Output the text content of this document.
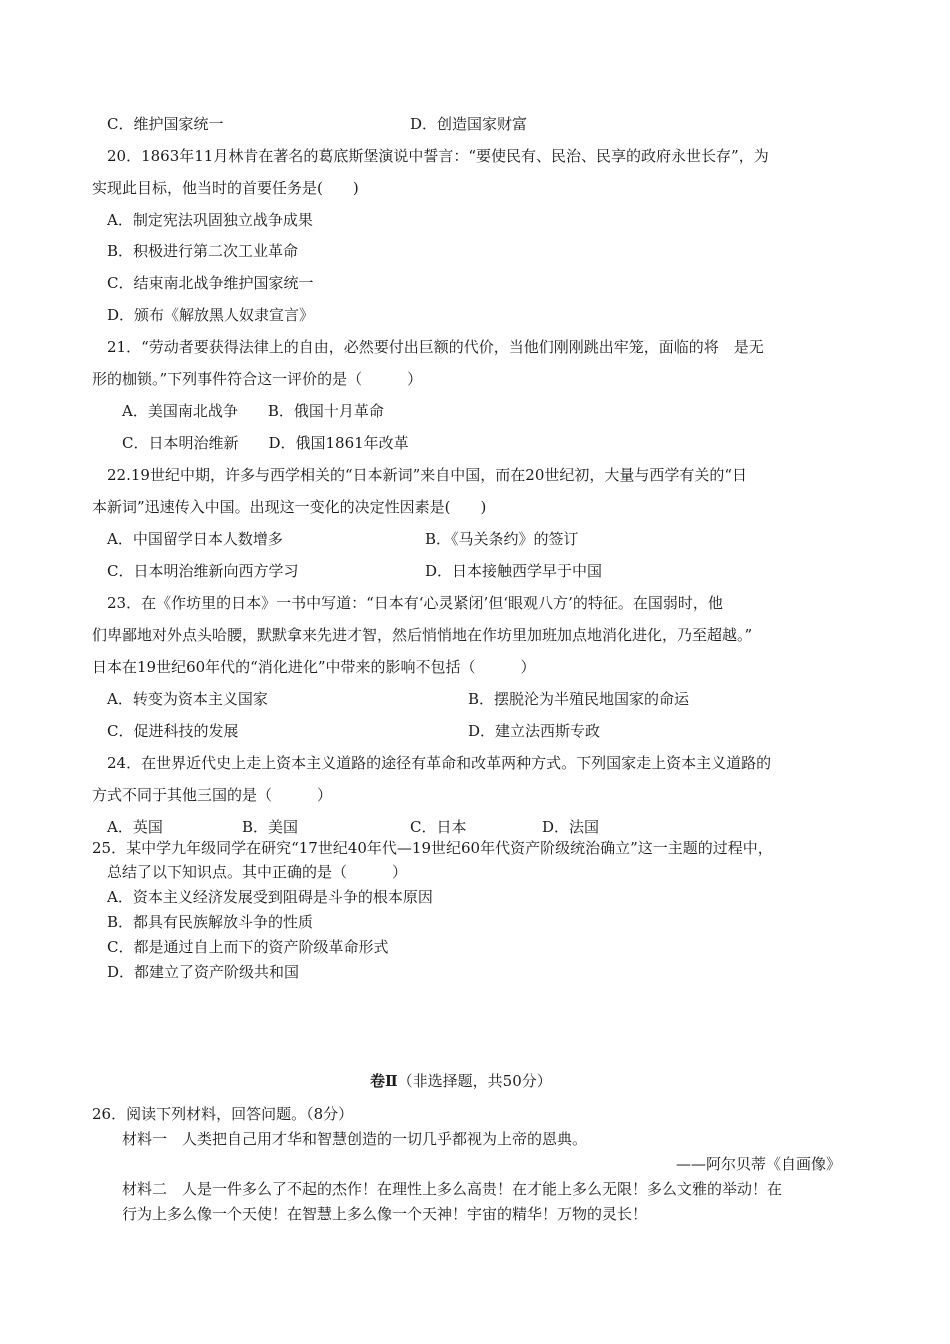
C．维护国家统一	D．创造国家财富
20．1863年11月林肯在著名的葛底斯堡演说中誓言：“要使民有、民治、民享的政府永世长存”，为
实现此目标，他当时的首要任务是(　　)
A．制定宪法巩固独立战争成果
B．积极进行第二次工业革命
C．结束南北战争维护国家统一
D．颁布《解放黑人奴隶宣言》
21．“劳动者要获得法律上的自由，必然要付出巨额的代价，当他们刚刚跳出牢笼，面临的将　是无
形的枷锁。”下列事件符合这一评价的是（　　　）
A．美国南北战争　　B．俄国十月革命
C．日本明治维新　　D．俄国1861年改革
22.19世纪中期，许多与西学相关的“日本新词”来自中国，而在20世纪初，大量与西学有关的“日
本新词”迅速传入中国。出现这一变化的决定性因素是(　　)
A．中国留学日本人数增多	B．《马关条约》的签订
C．日本明治维新向西方学习	D．日本接触西学早于中国
23．在《作坊里的日本》一书中写道：“日本有‘心灵紧闭’但‘眼观八方’的特征。在国弱时，他
们卑鄙地对外点头哈腰，默默拿来先进才智，然后悄悄地在作坊里加班加点地消化进化，乃至超越。”
日本在19世纪60年代的“消化进化”中带来的影响不包括（　　　）
A．转变为资本主义国家	B．摆脱沦为半殖民地国家的命运
C．促进科技的发展	D．建立法西斯专政
24．在世界近代史上走上资本主义道路的途径有革命和改革两种方式。下列国家走上资本主义道路的
方式不同于其他三国的是（　　　）
A．英国	B．美国	C．日本	D．法国
25．某中学九年级同学在研究“17世纪40年代—19世纪60年代资产阶级统治确立”这一主题的过程中，
总结了以下知识点。其中正确的是（　　　）
A．资本主义经济发展受到阻碍是斗争的根本原因
B．都具有民族解放斗争的性质
C．都是通过自上而下的资产阶级革命形式
D．都建立了资产阶级共和国
卷Ⅱ（非选择题，共50分）
26．阅读下列材料，回答问题。（8分）
材料一　人类把自己用才华和智慧创造的一切几乎都视为上帝的恩典。
——阿尔贝蒂《自画像》
材料二　人是一件多么了不起的杰作！在理性上多么高贵！在才能上多么无限！多么文雅的举动！在
行为上多么像一个天使！在智慧上多么像一个天神！宇宙的精华！万物的灵长！
